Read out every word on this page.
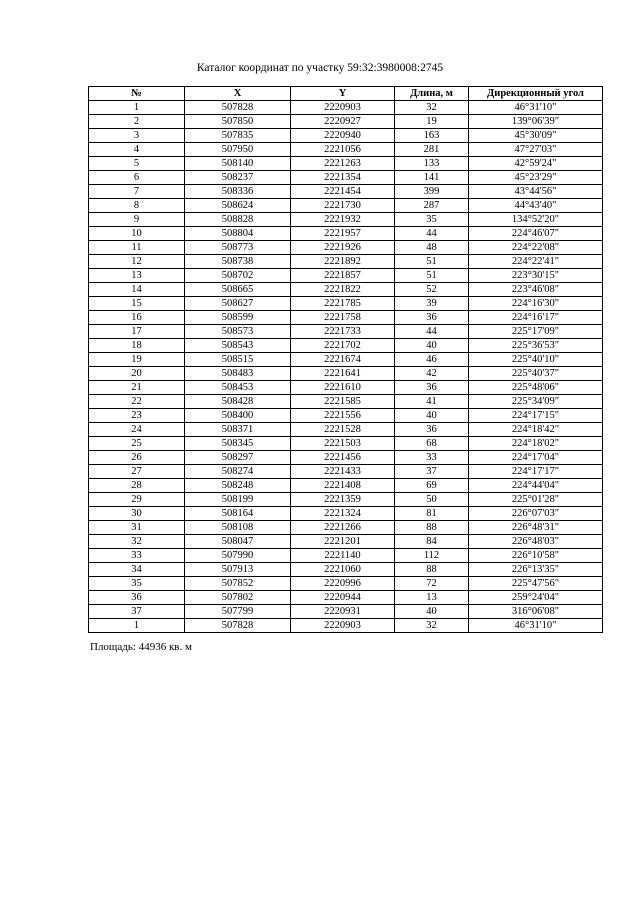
Каталог координат по участку 59:32:3980008:2745
№	X	Y	Длина, м	Дирекционный угол
1	507828	2220903	32	46°31'10"
2	507850	2220927	19	139°06'39"
3	507835	2220940	163	45°30'09"
4	507950	2221056	281	47°27'03"
5	508140	2221263	133	42°59'24"
6	508237	2221354	141	45°23'29"
7	508336	2221454	399	43°44'56"
8	508624	2221730	287	44°43'40"
9	508828	2221932	35	134°52'20"
10	508804	2221957	44	224°46'07"
11	508773	2221926	48	224°22'08"
12	508738	2221892	51	224°22'41"
13	508702	2221857	51	223°30'15"
14	508665	2221822	52	223°46'08"
15	508627	2221785	39	224°16'30"
16	508599	2221758	36	224°16'17"
17	508573	2221733	44	225°17'09"
18	508543	2221702	40	225°36'53"
19	508515	2221674	46	225°40'10"
20	508483	2221641	42	225°40'37"
21	508453	2221610	36	225°48'06"
22	508428	2221585	41	225°34'09"
23	508400	2221556	40	224°17'15"
24	508371	2221528	36	224°18'42"
25	508345	2221503	68	224°18'02"
26	508297	2221456	33	224°17'04"
27	508274	2221433	37	224°17'17"
28	508248	2221408	69	224°44'04"
29	508199	2221359	50	225°01'28"
30	508164	2221324	81	226°07'03"
31	508108	2221266	88	226°48'31"
32	508047	2221201	84	226°48'03"
33	507990	2221140	112	226°10'58"
34	507913	2221060	88	226°13'35"
35	507852	2220996	72	225°47'56"
36	507802	2220944	13	259°24'04"
37	507799	2220931	40	316°06'08"
1	507828	2220903	32	46°31'10"
Площадь: 44936 кв. м
